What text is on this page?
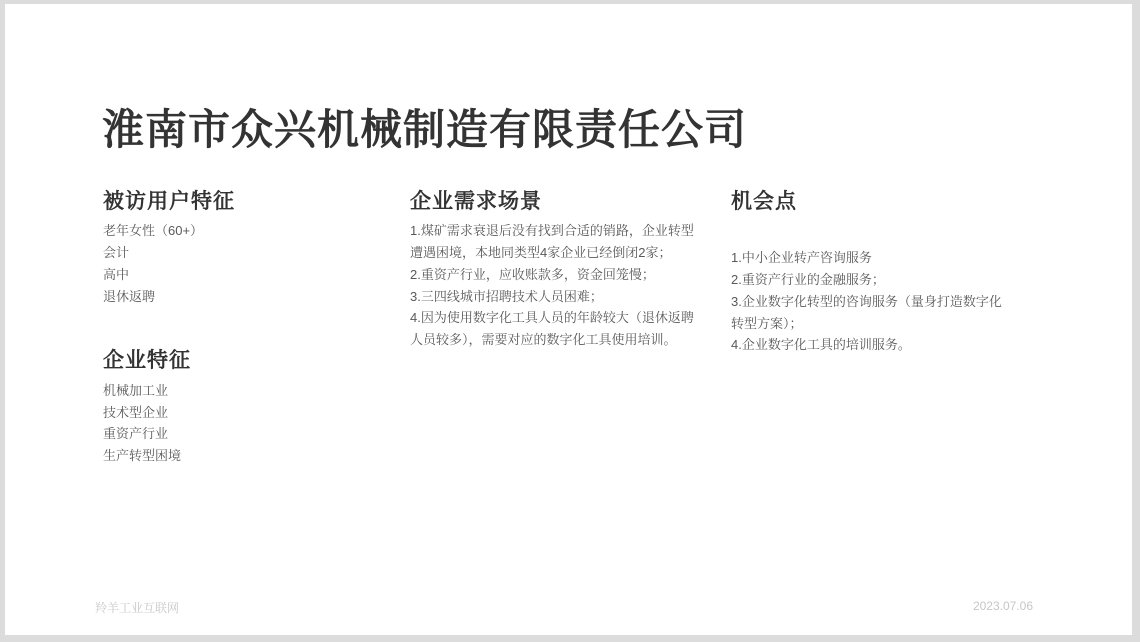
淮南市众兴机械制造有限责任公司
被访用户特征
老年女性（60+）
会计
高中
退休返聘
企业特征
机械加工业
技术型企业
重资产行业
生产转型困境
企业需求场景
1.煤矿需求衰退后没有找到合适的销路，企业转型遭遇困境，本地同类型4家企业已经倒闭2家；
2.重资产行业，应收账款多，资金回笼慢；
3.三四线城市招聘技术人员困难；
4.因为使用数字化工具人员的年龄较大（退休返聘人员较多），需要对应的数字化工具使用培训。
机会点
1.中小企业转产咨询服务
2.重资产行业的金融服务；
3.企业数字化转型的咨询服务（量身打造数字化转型方案）；
4.企业数字化工具的培训服务。
羚羊工业互联网	2023.07.06
